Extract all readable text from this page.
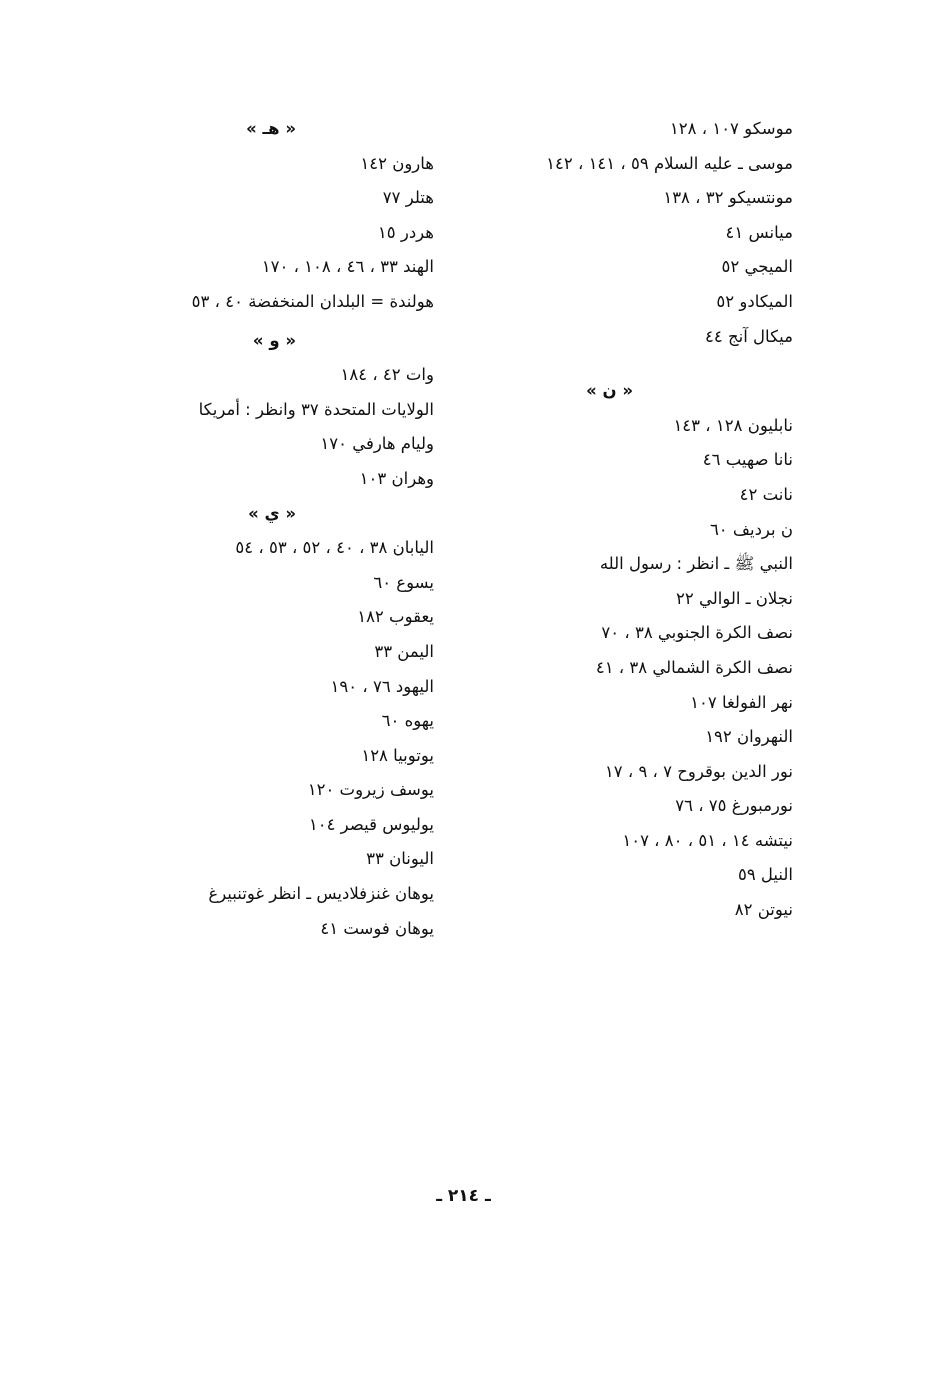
موسكو ١٠٧ ، ١٢٨
موسى ـ عليه السلام ٥٩ ، ١٤١ ، ١٤٢
مونتسيكو ٣٢ ، ١٣٨
ميانس ٤١
الميجي ٥٢
الميكادو ٥٢
ميكال آنج ٤٤
« ن »
نابليون ١٢٨ ، ١٤٣
نانا صهيب ٤٦
نانت ٤٢
ن برديف ٦٠
النبي ﷺ ـ انظر : رسول الله
نجلان ـ الوالي ٢٢
نصف الكرة الجنوبي ٣٨ ، ٧٠
نصف الكرة الشمالي ٣٨ ، ٤١
نهر الفولغا ١٠٧
النهروان ١٩٢
نور الدين بوقروح ٧ ، ٩ ، ١٧
نورمبورغ ٧٥ ، ٧٦
نيتشه ١٤ ، ٥١ ، ٨٠ ، ١٠٧
النيل ٥٩
نيوتن ٨٢
« هـ »
هارون ١٤٢
هتلر ٧٧
هردر ١٥
الهند ٣٣ ، ٤٦ ، ١٠٨ ، ١٧٠
هولندة = البلدان المنخفضة ٤٠ ، ٥٣
« و »
وات ٤٢ ، ١٨٤
الولايات المتحدة ٣٧ وانظر : أمريكا
وليام هارفي ١٧٠
وهران ١٠٣
« ي »
اليابان ٣٨ ، ٤٠ ، ٥٢ ، ٥٣ ، ٥٤
يسوع ٦٠
يعقوب ١٨٢
اليمن ٣٣
اليهود ٧٦ ، ١٩٠
يهوه ٦٠
يوتوبيا ١٢٨
يوسف زيروت ١٢٠
يوليوس قيصر ١٠٤
اليونان ٣٣
يوهان غنزفلاديس ـ انظر غوتنبيرغ
يوهان فوست ٤١
ـ ٢١٤ ـ
